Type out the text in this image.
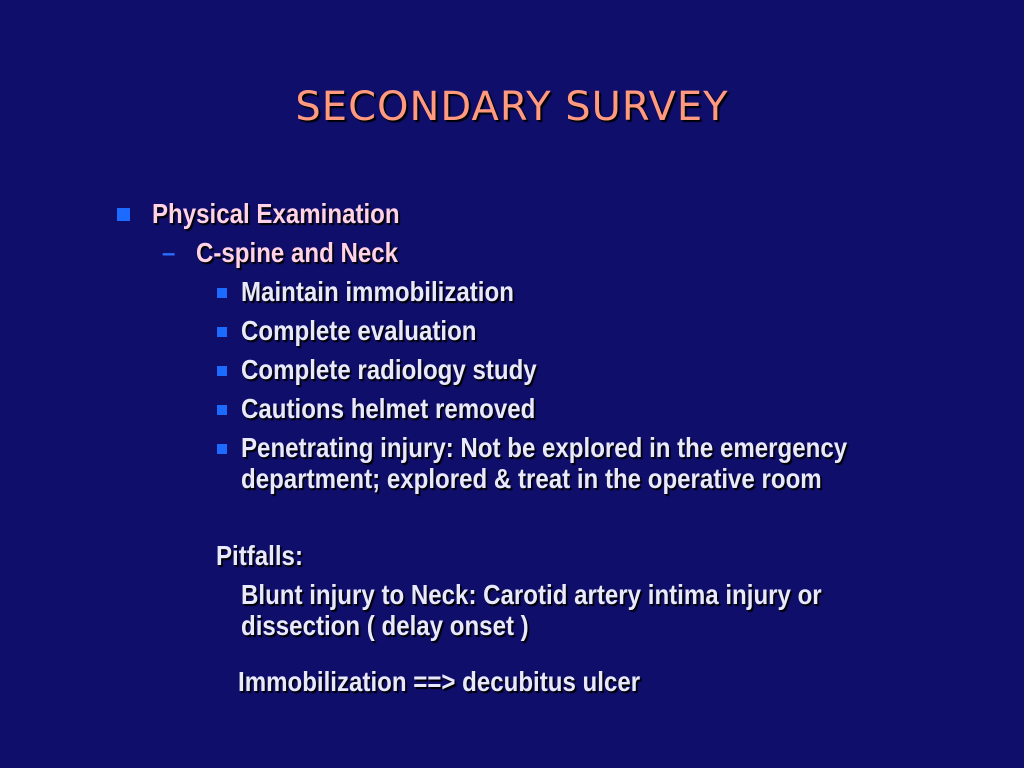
SECONDARY SURVEY
Physical Examination
– C-spine and Neck
Maintain immobilization
Complete evaluation
Complete radiology study
Cautions helmet removed
Penetrating injury: Not be explored in the emergency
department; explored & treat in the operative room
Pitfalls:
Blunt injury to Neck: Carotid artery intima injury or
dissection ( delay onset )
Immobilization ==> decubitus ulcer
